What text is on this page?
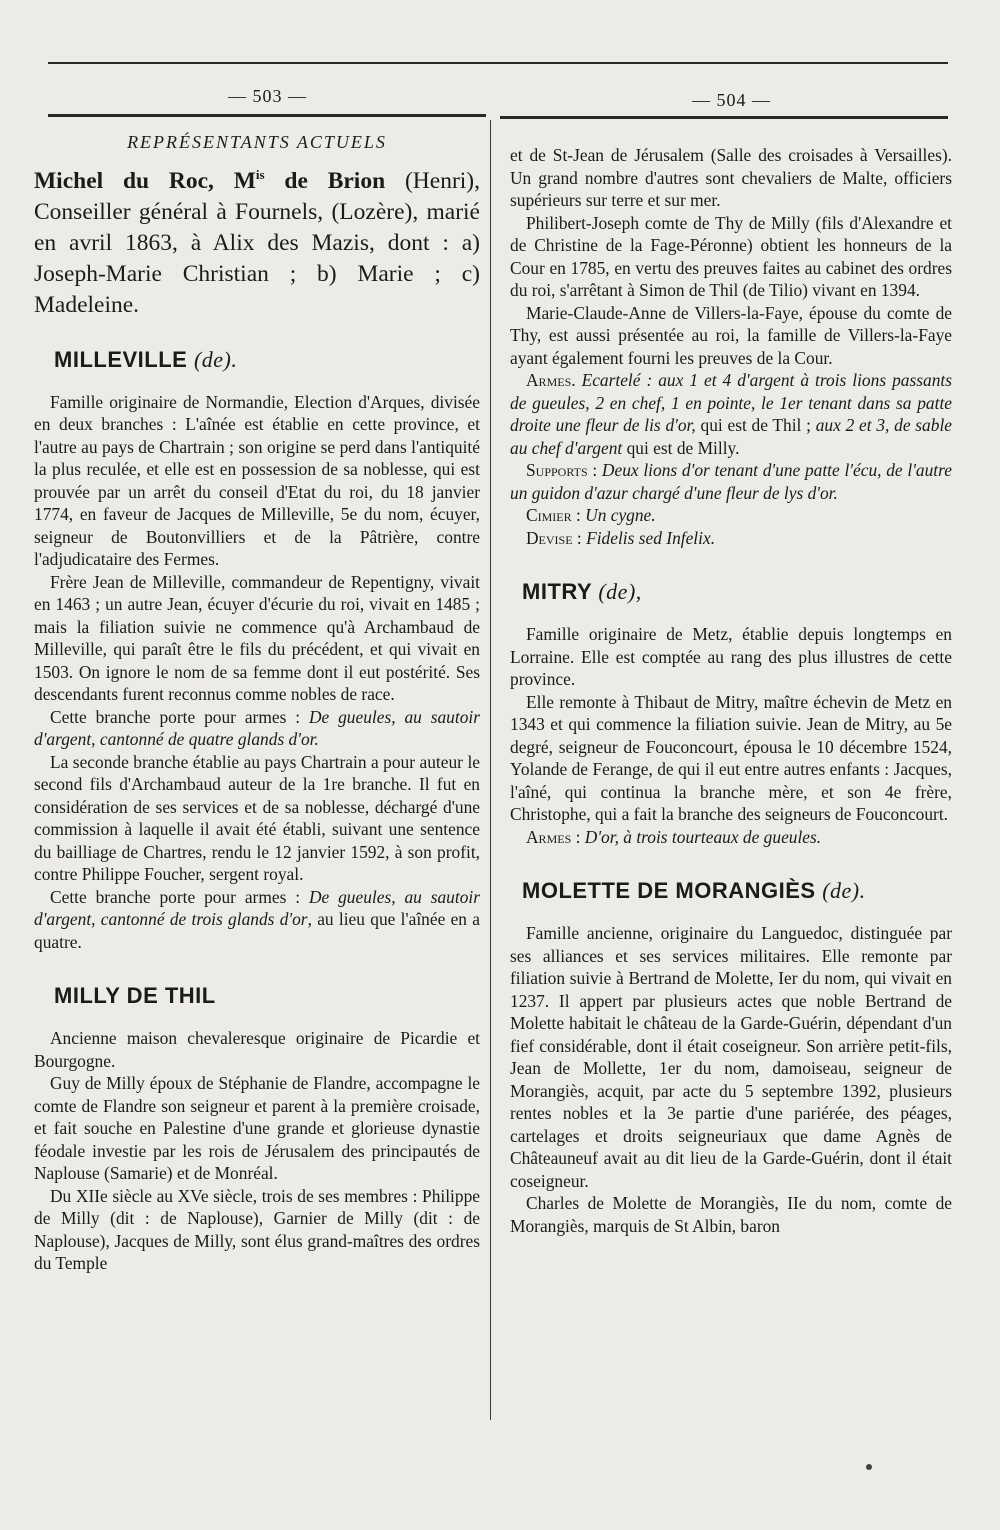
— 503 —	— 504 —
REPRÉSENTANTS ACTUELS

Michel du Roc, $M^{is}$ de Brion (Henri), Conseiller général à Fournels, (Lozère), marié en avril 1863, à Alix des Mazis, dont : a) Joseph-Marie Christian ; b) Marie ; c) Madeleine.

MILLEVILLE (de).

Famille originaire de Normandie, Election d'Arques, divisée en deux branches : L'aînée est établie en cette province, et l'autre au pays de Chartrain ; son origine se perd dans l'antiquité la plus reculée, et elle est en possession de sa noblesse, qui est prouvée par un arrêt du conseil d'Etat du roi, du 18 janvier 1774, en faveur de Jacques de Milleville, 5e du nom, écuyer, seigneur de Boutonvilliers et de la Pâtrière, contre l'adjudicataire des Fermes.

Frère Jean de Milleville, commandeur de Repentigny, vivait en 1463 ; un autre Jean, écuyer d'écurie du roi, vivait en 1485 ; mais la filiation suivie ne commence qu'à Archambaud de Milleville, qui paraît être le fils du précédent, et qui vivait en 1503. On ignore le nom de sa femme dont il eut postérité. Ses descendants furent reconnus comme nobles de race.

Cette branche porte pour armes : De gueules, au sautoir d'argent, cantonné de quatre glands d'or.

La seconde branche établie au pays Chartrain a pour auteur le second fils d'Archambaud auteur de la 1re branche. Il fut en considération de ses services et de sa noblesse, déchargé d'une commission à laquelle il avait été établi, suivant une sentence du bailliage de Chartres, rendu le 12 janvier 1592, à son profit, contre Philippe Foucher, sergent royal.

Cette branche porte pour armes : De gueules, au sautoir d'argent, cantonné de trois glands d'or, au lieu que l'aînée en a quatre.

MILLY DE THIL

Ancienne maison chevaleresque originaire de Picardie et Bourgogne.

Guy de Milly époux de Stéphanie de Flandre, accompagne le comte de Flandre son seigneur et parent à la première croisade, et fait souche en Palestine d'une grande et glorieuse dynastie féodale investie par les rois de Jérusalem des principautés de Naplouse (Samarie) et de Monréal.

Du XIIe siècle au XVe siècle, trois de ses membres : Philippe de Milly (dit : de Naplouse), Garnier de Milly (dit : de Naplouse), Jacques de Milly, sont élus grand-maîtres des ordres du Temple

et de St-Jean de Jérusalem (Salle des croisades à Versailles). Un grand nombre d'autres sont chevaliers de Malte, officiers supérieurs sur terre et sur mer.

Philibert-Joseph comte de Thy de Milly (fils d'Alexandre et de Christine de la Fage-Péronne) obtient les honneurs de la Cour en 1785, en vertu des preuves faites au cabinet des ordres du roi, s'arrêtant à Simon de Thil (de Tilio) vivant en 1394.

Marie-Claude-Anne de Villers-la-Faye, épouse du comte de Thy, est aussi présentée au roi, la famille de Villers-la-Faye ayant également fourni les preuves de la Cour.

Armes. Ecartelé : aux 1 et 4 d'argent à trois lions passants de gueules, 2 en chef, 1 en pointe, le 1er tenant dans sa patte droite une fleur de lis d'or, qui est de Thil ; aux 2 et 3, de sable au chef d'argent qui est de Milly.

Supports : Deux lions d'or tenant d'une patte l'écu, de l'autre un guidon d'azur chargé d'une fleur de lys d'or.

Cimier : Un cygne.

Devise : Fidelis sed Infelix.

MITRY (de),

Famille originaire de Metz, établie depuis longtemps en Lorraine. Elle est comptée au rang des plus illustres de cette province.

Elle remonte à Thibaut de Mitry, maître échevin de Metz en 1343 et qui commence la filiation suivie. Jean de Mitry, au 5e degré, seigneur de Fouconcourt, épousa le 10 décembre 1524, Yolande de Ferange, de qui il eut entre autres enfants : Jacques, l'aîné, qui continua la branche mère, et son 4e frère, Christophe, qui a fait la branche des seigneurs de Fouconcourt.

Armes : D'or, à trois tourteaux de gueules.

MOLETTE DE MORANGIÈS (de).

Famille ancienne, originaire du Languedoc, distinguée par ses alliances et ses services militaires. Elle remonte par filiation suivie à Bertrand de Molette, Ier du nom, qui vivait en 1237. Il appert par plusieurs actes que noble Bertrand de Molette habitait le château de la Garde-Guérin, dépendant d'un fief considérable, dont il était coseigneur. Son arrière petit-fils, Jean de Mollette, 1er du nom, damoiseau, seigneur de Morangiès, acquit, par acte du 5 septembre 1392, plusieurs rentes nobles et la 3e partie d'une pariérée, des péages, cartelages et droits seigneuriaux que dame Agnès de Châteauneuf avait au dit lieu de la Garde-Guérin, dont il était coseigneur.

Charles de Molette de Morangiès, IIe du nom, comte de Morangiès, marquis de St Albin, baron
